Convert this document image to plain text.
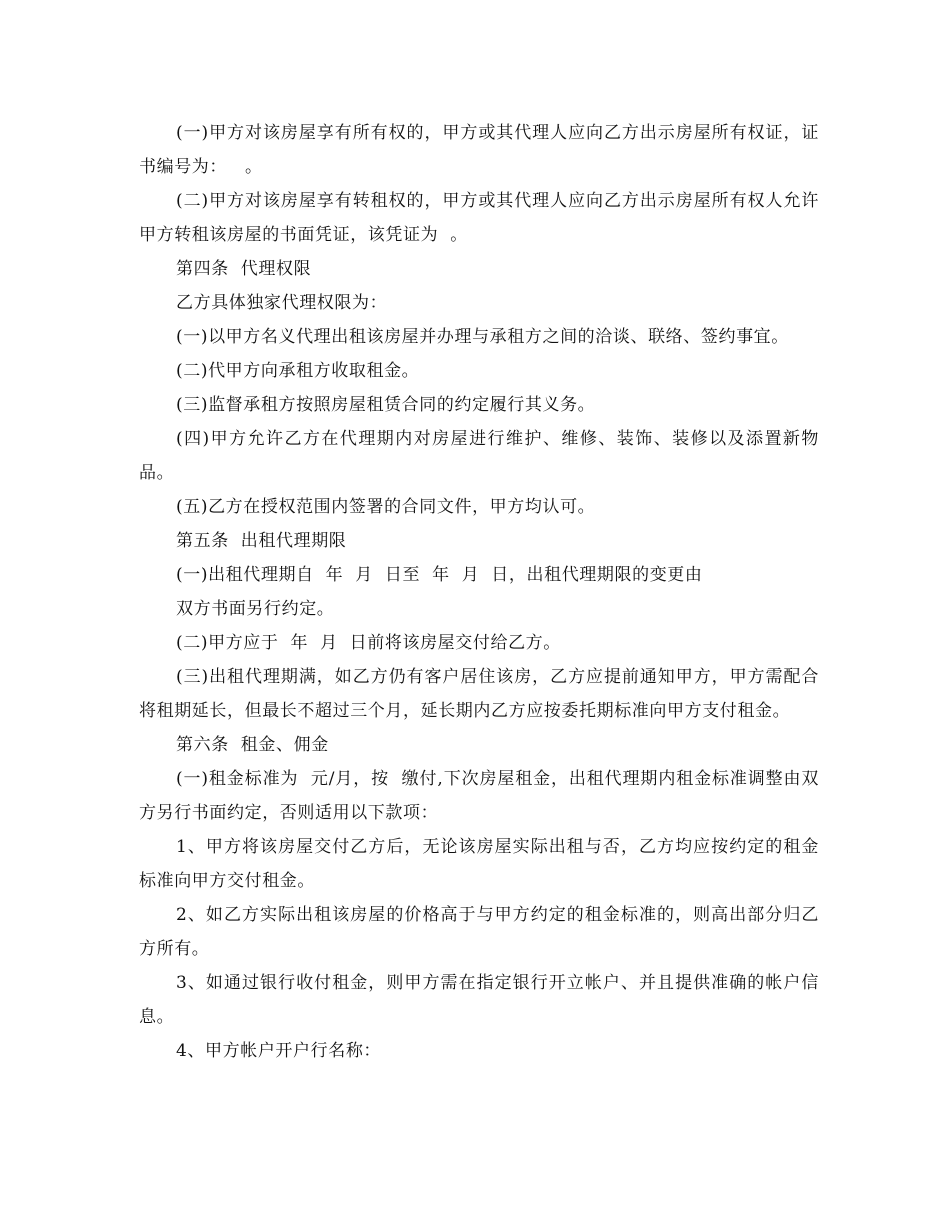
(一)甲方对该房屋享有所有权的，甲方或其代理人应向乙方出示房屋所有权证，证书编号为：   。

(二)甲方对该房屋享有转租权的，甲方或其代理人应向乙方出示房屋所有权人允许甲方转租该房屋的书面凭证，该凭证为  。

第四条  代理权限

乙方具体独家代理权限为：

(一)以甲方名义代理出租该房屋并办理与承租方之间的洽谈、联络、签约事宜。

(二)代甲方向承租方收取租金。

(三)监督承租方按照房屋租赁合同的约定履行其义务。

(四)甲方允许乙方在代理期内对房屋进行维护、维修、装饰、装修以及添置新物品。

(五)乙方在授权范围内签署的合同文件，甲方均认可。

第五条  出租代理期限

(一)出租代理期自  年  月  日至  年  月  日，出租代理期限的变更由

双方书面另行约定。

(二)甲方应于  年  月  日前将该房屋交付给乙方。

(三)出租代理期满，如乙方仍有客户居住该房，乙方应提前通知甲方，甲方需配合将租期延长，但最长不超过三个月，延长期内乙方应按委托期标准向甲方支付租金。

第六条  租金、佣金

(一)租金标准为  元/月，按  缴付,下次房屋租金，出租代理期内租金标准调整由双方另行书面约定，否则适用以下款项：

1、甲方将该房屋交付乙方后，无论该房屋实际出租与否，乙方均应按约定的租金标准向甲方交付租金。

2、如乙方实际出租该房屋的价格高于与甲方约定的租金标准的，则高出部分归乙方所有。

3、如通过银行收付租金，则甲方需在指定银行开立帐户、并且提供准确的帐户信息。

4、甲方帐户开户行名称：
